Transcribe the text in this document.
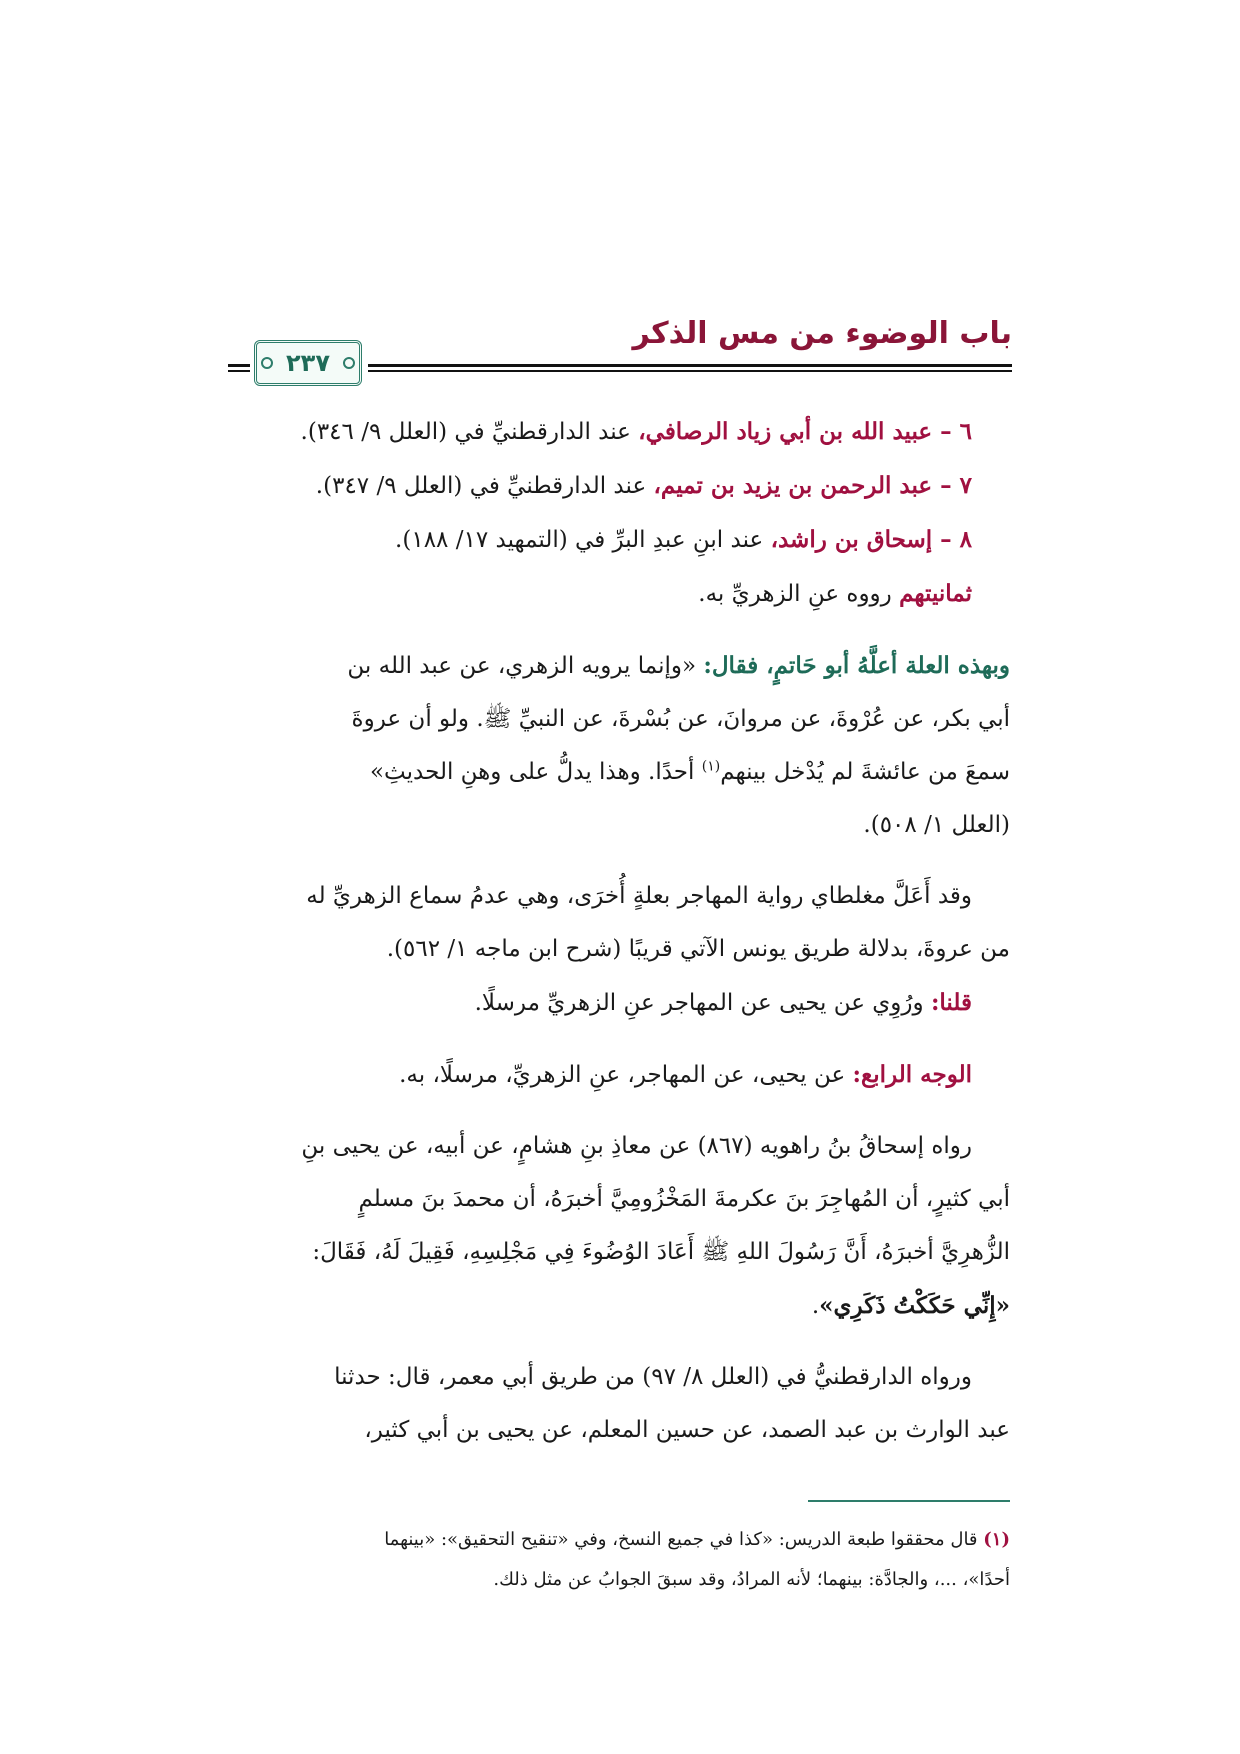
باب الوضوء من مس الذكر
٢٣٧
٦ – عبيد الله بن أبي زياد الرصافي، عند الدارقطنيِّ في (العلل ٩/ ٣٤٦).
٧ – عبد الرحمن بن يزيد بن تميم، عند الدارقطنيِّ في (العلل ٩/ ٣٤٧).
٨ – إسحاق بن راشد، عند ابنِ عبدِ البرِّ في (التمهيد ١٧/ ١٨٨).
ثمانيتهم رووه عنِ الزهريِّ به.
وبهذه العلة أعلَّهُ أبو حَاتمٍ، فقال: «وإنما يرويه الزهري، عن عبد الله بن
أبي بكر، عن عُرْوةَ، عن مروانَ، عن بُسْرةَ، عن النبيِّ ﷺ. ولو أن عروةَ
سمعَ من عائشةَ لم يُدْخل بينهم$^{(١)}$ أحدًا. وهذا يدلُّ على وهنِ الحديثِ»
(العلل ١/ ٥٠٨).
وقد أَعَلَّ مغلطاي رواية المهاجر بعلةٍ أُخرَى، وهي عدمُ سماع الزهريِّ له
من عروةَ، بدلالة طريق يونس الآتي قريبًا (شرح ابن ماجه ١/ ٥٦٢).
قلنا: ورُوِي عن يحيى عن المهاجر عنِ الزهريِّ مرسلًا.
الوجه الرابع: عن يحيى، عن المهاجر، عنِ الزهريِّ، مرسلًا، به.
رواه إسحاقُ بنُ راهويه (٨٦٧) عن معاذِ بنِ هشامٍ، عن أبيه، عن يحيى بنِ
أبي كثيرٍ، أن المُهاجِرَ بنَ عكرمةَ المَخْزُومِيَّ أخبرَهُ، أن محمدَ بنَ مسلمٍ
الزُّهرِيَّ أخبرَهُ، أَنَّ رَسُولَ اللهِ ﷺ أَعَادَ الوُضُوءَ فِي مَجْلِسِهِ، فَقِيلَ لَهُ، فَقَالَ:
«إِنِّي حَكَكْتُ ذَكَرِي».
ورواه الدارقطنيُّ في (العلل ٨/ ٩٧) من طريق أبي معمر، قال: حدثنا
عبد الوارث بن عبد الصمد، عن حسين المعلم، عن يحيى بن أبي كثير،
(١) قال محققوا طبعة الدريس: «كذا في جميع النسخ، وفي «تنقيح التحقيق»: «بينهما
أحدًا»، ...، والجادَّة: بينهما؛ لأنه المرادُ، وقد سبقَ الجوابُ عن مثل ذلك.
